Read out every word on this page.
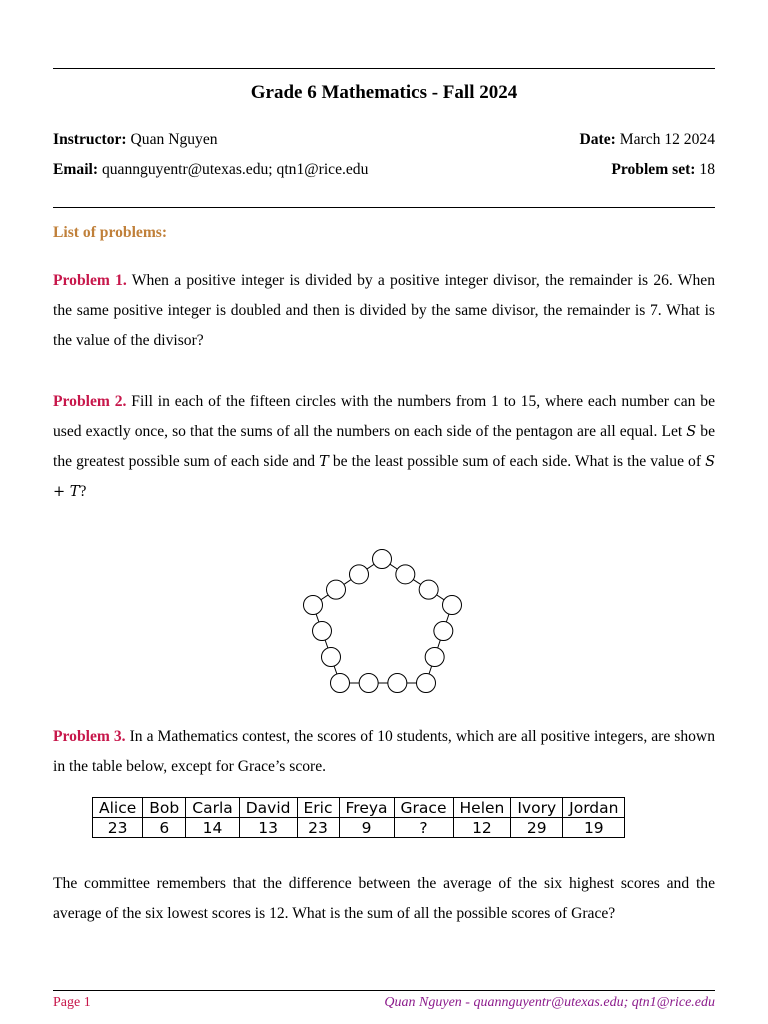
Grade 6 Mathematics - Fall 2024
Instructor: Quan Nguyen	Date: March 12 2024
Email: quannguyentr@utexas.edu; qtn1@rice.edu	Problem set: 18
List of problems:
Problem 1. When a positive integer is divided by a positive integer divisor, the remainder is 26. When the same positive integer is doubled and then is divided by the same divisor, the remainder is 7. What is the value of the divisor?
Problem 2. Fill in each of the fifteen circles with the numbers from 1 to 15, where each number can be used exactly once, so that the sums of all the numbers on each side of the pentagon are all equal. Let S be the greatest possible sum of each side and T be the least possible sum of each side. What is the value of S + T?
Problem 3. In a Mathematics contest, the scores of 10 students, which are all positive integers, are shown in the table below, except for Grace’s score.
Alice	Bob	Carla	David	Eric	Freya	Grace	Helen	Ivory	Jordan
23	6	14	13	23	9	?	12	29	19
The committee remembers that the difference between the average of the six highest scores and the average of the six lowest scores is 12. What is the sum of all the possible scores of Grace?
Page 1	Quan Nguyen - quannguyentr@utexas.edu; qtn1@rice.edu
